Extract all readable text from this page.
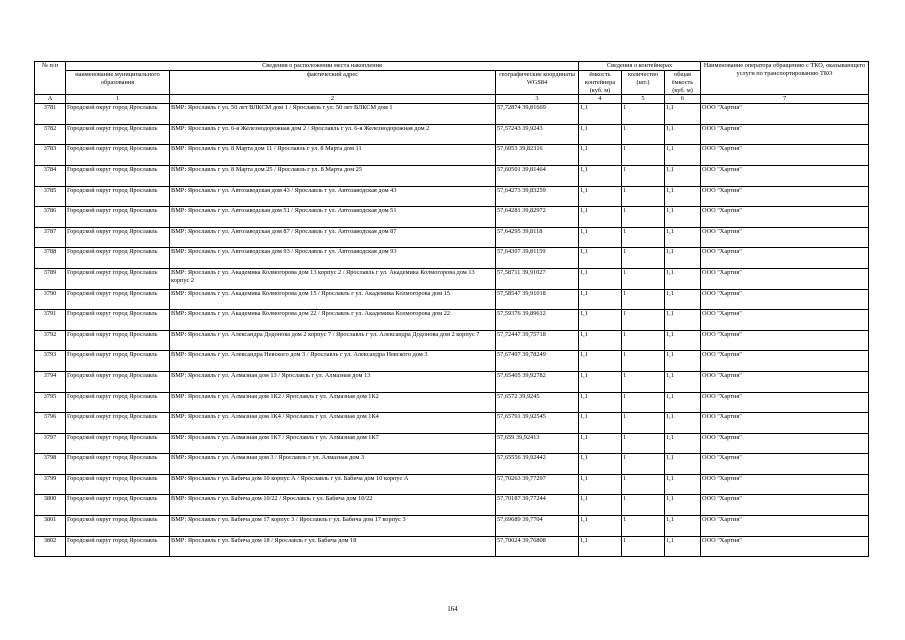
№ п/п	Сведения о расположении места накопления			Сведения о контейнерах			Наименование оператора обращению с ТКО, оказывающего услуги по транспортированию ТКО
	наименование муниципального образования	фактический адрес	географические координаты WGS84	ёмкость контейнера (куб. м)	количество (шт.)	общая ёмкость (куб. м)	
A	1	2	3	4	5	6	7
3781	Городской округ город Ярославль	ВМР: Ярославль г ул. 50 лет ВЛКСМ дом 1 / Ярославль г ул. 50 лет ВЛКСМ дом 1	57,72874 39,81669	1,1	1	1,1	ООО "Хартия"
3782	Городской округ город Ярославль	ВМР: Ярославль г ул. 6-я Железнодорожная дом 2 / Ярославль г ул. 6-я Железнодорожная дом 2	57,57243 39,9243	1,1	1	1,1	ООО "Хартия"
3783	Городской округ город Ярославль	ВМР: Ярославль г ул. 8 Марта дом 11 / Ярославль г ул. 8 Марта дом 11	57,6053 39,82316	1,1	1	1,1	ООО "Хартия"
3784	Городской округ город Ярославль	ВМР: Ярославль г ул. 8 Марта дом 25 / Ярославль г ул. 8 Марта дом 25	57,60501 39,81464	1,1	1	1,1	ООО "Хартия"
3785	Городской округ город Ярославль	ВМР: Ярославль г ул. Автозаводская дом 43 / Ярославль г ул. Автозаводская дом 43	57,64273 39,83259	1,1	1	1,1	ООО "Хартия"
3786	Городской округ город Ярославль	ВМР: Ярославль г ул. Автозаводская дом 51 / Ярославль г ул. Автозаводская дом 51	57,64281 39,82972	1,1	1	1,1	ООО "Хартия"
3787	Городской округ город Ярославль	ВМР: Ярославль г ул. Автозаводская дом 87 / Ярославль г ул. Автозаводская дом 87	57,64295 39,8118	1,1	1	1,1	ООО "Хартия"
3788	Городской округ город Ярославль	ВМР: Ярославль г ул. Автозаводская дом 93 / Ярославль г ул. Автозаводская дом 93	57,64307 39,81159	1,1	1	1,1	ООО "Хартия"
3789	Городской округ город Ярославль	ВМР: Ярославль г ул. Академика Колмогорова дом 13 корпус 2 / Ярославль г ул. Академика Колмогорова дом 13 корпус 2	57,58711 39,91027	1,1	1	1,1	ООО "Хартия"
3790	Городской округ город Ярославль	ВМР: Ярославль г ул. Академика Колмогорова дом 15 / Ярославль г ул. Академика Колмогорова дом 15	57,58547 39,91018	1,1	1	1,1	ООО "Хартия"
3791	Городской округ город Ярославль	ВМР: Ярославль г ул. Академика Колмогорова дом 22 / Ярославль г ул. Академика Колмогорова дом 22	57,59376 39,89612	1,1	1	1,1	ООО "Хартия"
3792	Городской округ город Ярославль	ВМР: Ярославль г ул. Александра Додонова дом 2 корпус 7 / Ярославль г ул. Александра Додонова дом 2 корпус 7	57,72447 39,75718	1,1	1	1,1	ООО "Хартия"
3793	Городской округ город Ярославль	ВМР: Ярославль г ул. Александра Невского дом 3 / Ярославль г ул. Александра Невского дом 3	57,67497 39,78249	1,1	1	1,1	ООО "Хартия"
3794	Городской округ город Ярославль	ВМР: Ярославль г ул. Алмазная дом 13 / Ярославль г ул. Алмазная дом 13	57,65405 39,92782	1,1	1	1,1	ООО "Хартия"
3795	Городской округ город Ярославль	ВМР: Ярославль г ул. Алмазная дом 1К2 / Ярославль г ул. Алмазная дом 1К2	57,6572 39,9245	1,1	1	1,1	ООО "Хартия"
3796	Городской округ город Ярославль	ВМР: Ярославль г ул. Алмазная дом 1К4 / Ярославль г ул. Алмазная дом 1К4	57,65791 39,92545	1,1	1	1,1	ООО "Хартия"
3797	Городской округ город Ярославль	ВМР: Ярославль г ул. Алмазная дом 1К7 / Ярославль г ул. Алмазная дом 1К7	57,659 39,92413	1,1	1	1,1	ООО "Хартия"
3798	Городской округ город Ярославль	ВМР: Ярославль г ул. Алмазная дом 3 / Ярославль г ул. Алмазная дом 3	57,65556 39,92442	1,1	1	1,1	ООО "Хартия"
3799	Городской округ город Ярославль	ВМР: Ярославль г ул. Бабича дом 10 корпус А / Ярославль г ул. Бабича дом 10 корпус А	57,70263 39,77297	1,1	1	1,1	ООО "Хартия"
3800	Городской округ город Ярославль	ВМР: Ярославль г ул. Бабича дом 10/22 / Ярославль г ул. Бабича дом 10/22	57,70187 39,77244	1,1	1	1,1	ООО "Хартия"
3801	Городской округ город Ярославль	ВМР: Ярославль г ул. Бабича дом 17 корпус 3 / Ярославль г ул. Бабича дом 17 корпус 3	57,69689 39,7704	1,1	1	1,1	ООО "Хартия"
3802	Городской округ город Ярославль	ВМР: Ярославль г ул. Бабича дом 18 / Ярославль г ул. Бабича дом 18	57,70024 39,76808	1,1	1	1,1	ООО "Хартия"
164
